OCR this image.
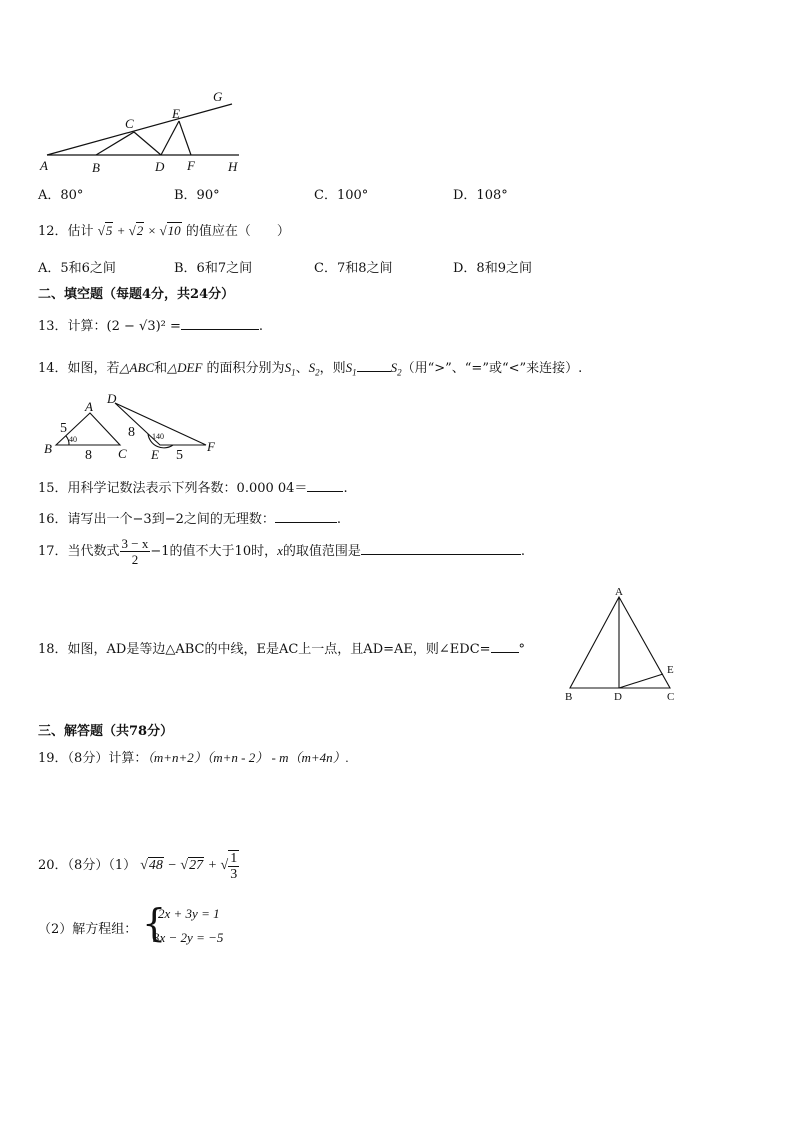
A	B
C
D
E
F
G
H
A．80°	B．90°	C．100°	D．108°
12．估计 √5 + √2 × √10 的值应在（　　）
A．5和6之间	B．6和7之间	C．7和8之间	D．8和9之间
二、填空题（每题4分，共24分）
13．计算：(2 − √3)² =	.
14．如图，若△ABC和△DEF 的面积分别为$S_1$、$S_2$，则$S_1$	$S_2$（用“>”、“=”或“<”来连接）.
A
B	C
D
E
F
5
8
8
5
40	140
15．用科学记数法表示下列各数：0.000 04＝	.
16．请写出一个−3到−2之间的无理数：	.
17．当代数式 $\frac{3 - x}{2} -1$的值不大于10时，x的取值范围是	.
18．如图，AD是等边△ABC的中线，E是AC上一点，且AD=AE，则∠EDC= °
A
B	D	C
E
三、解答题（共78分）
19．（8分）计算：（m+n+2）（m+n - 2） - m（m+4n）.
20．（8分）（1） √48 − √27 + √ $\frac{1}{3}$
（2）解方程组： {
2x + 3y = 1
3x − 2y = −5
